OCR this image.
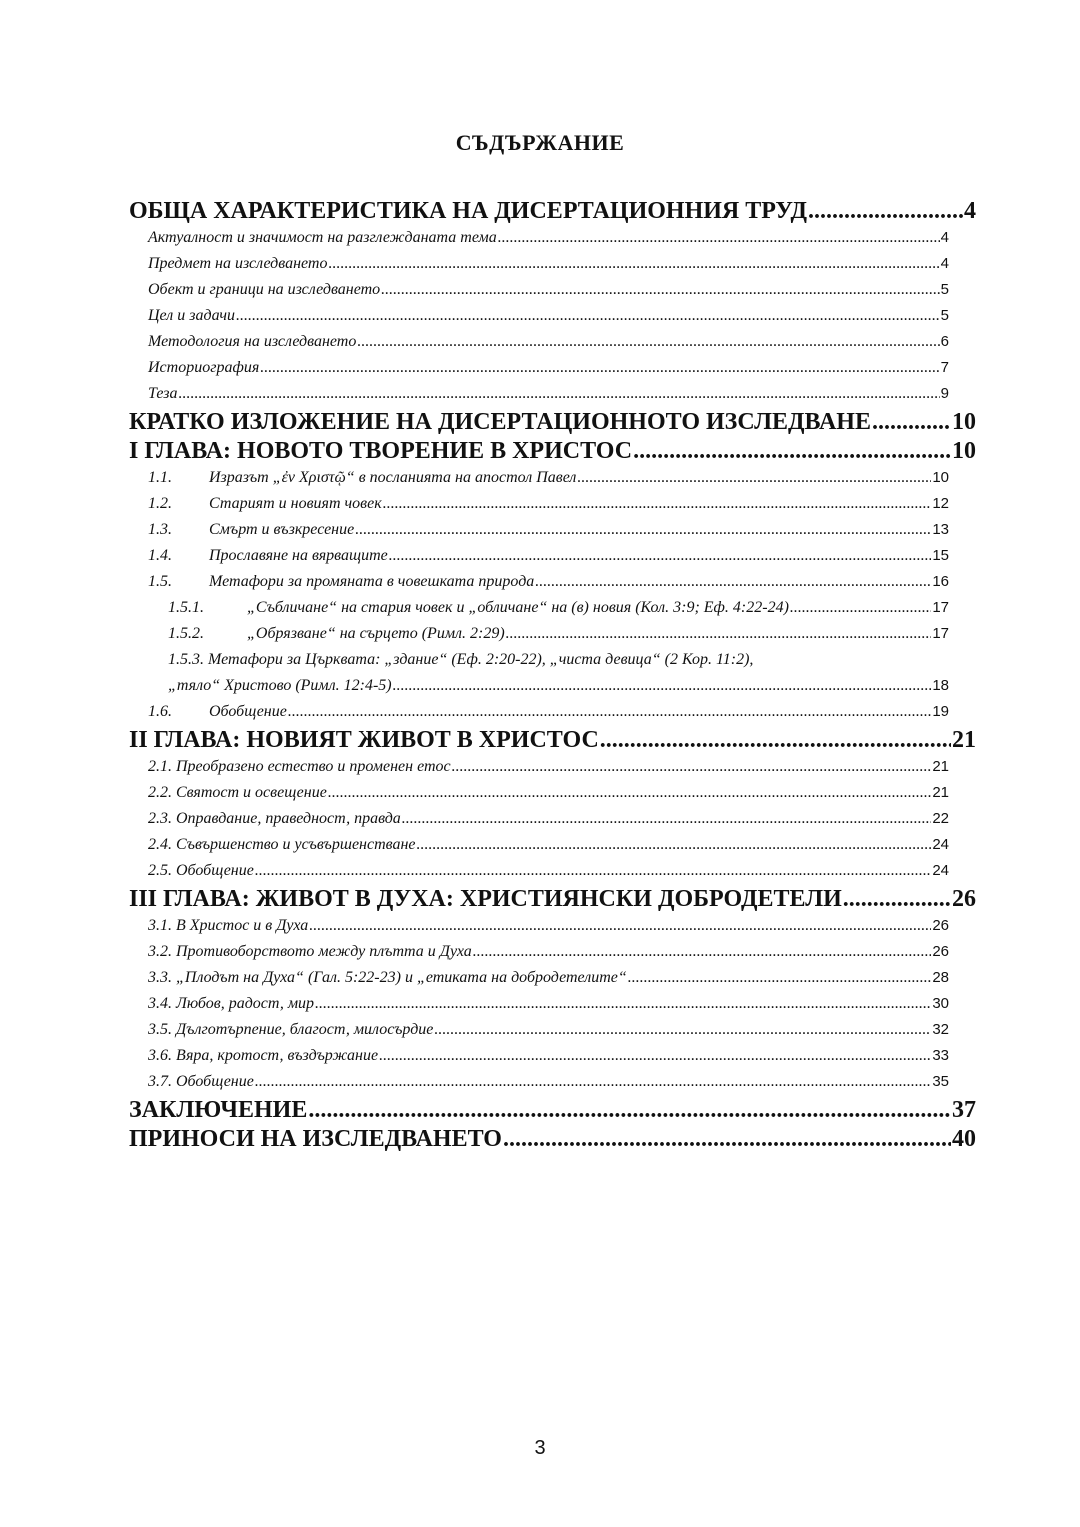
СЪДЪРЖАНИЕ
ОБЩА ХАРАКТЕРИСТИКА НА ДИСЕРТАЦИОННИЯ ТРУД .....	4
Актуалност и значимост на разглежданата тема .....	4
Предмет на изследването .....	4
Обект и граници на изследването .....	5
Цел и задачи .....	5
Методология на изследването .....	6
Историография .....	7
Теза .....	9
КРАТКО ИЗЛОЖЕНИЕ НА ДИСЕРТАЦИОННОТО ИЗСЛЕДВАНЕ .....	10
I ГЛАВА: НОВОТО ТВОРЕНИЕ В ХРИСТОС .....	10
1.1. Изразът „ἐν Χριστῷ“ в посланията на апостол Павел .....	10
1.2. Старият и новият човек .....	12
1.3. Смърт и възкресение .....	13
1.4. Прославяне на вярващите .....	15
1.5. Метафори за промяната в човешката природа .....	16
1.5.1.	„Събличане“ на стария човек и „обличане“ на (в) новия (Кол. 3:9; Еф. 4:22-24) .....	17
1.5.2.	„Обрязване“ на сърцето (Римл. 2:29) .....	17
1.5.3. Метафори за Църквата: „здание“ (Еф. 2:20-22), „чиста девица“ (2 Кор. 11:2),
„тяло“ Христово (Римл. 12:4-5) .....	18
1.6. Обобщение .....	19
II ГЛАВА: НОВИЯТ ЖИВОТ В ХРИСТОС .....	21
2.1. Преобразено естество и променен етос .....	21
2.2. Святост и освещение .....	21
2.3. Оправдание, праведност, правда .....	22
2.4. Съвършенство и усъвършенстване .....	24
2.5. Обобщение .....	24
III ГЛАВА: ЖИВОТ В ДУХА: ХРИСТИЯНСКИ ДОБРОДЕТЕЛИ .....	26
3.1. В Христос и в Духа .....	26
3.2. Противоборството между плътта и Духа .....	26
3.3. „Плодът на Духа“ (Гал. 5:22-23) и „етиката на добродетелите“ .....	28
3.4. Любов, радост, мир .....	30
3.5. Дълготърпение, благост, милосърдие .....	32
3.6. Вяра, кротост, въздържание .....	33
3.7. Обобщение .....	35
ЗАКЛЮЧЕНИЕ .....	37
ПРИНОСИ НА ИЗСЛЕДВАНЕТО .....	40
3
